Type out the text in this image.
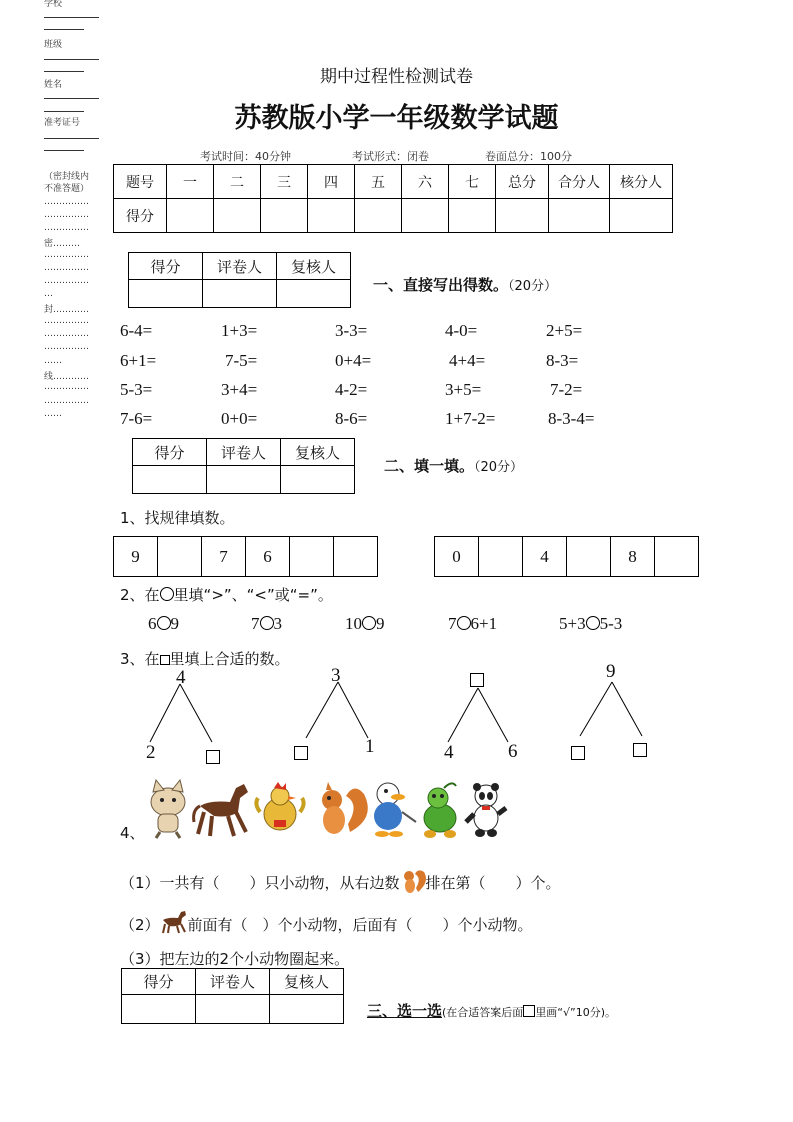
学校
班级
姓名
准考证号
（密封线内
不准答题）
……………
……………
……………
密………
……………
……………
……………
…
封…………
……………
……………
……………
……
线…………
……………
……………
……
期中过程性检测试卷
苏教版小学一年级数学试题
考试时间：40分钟	考试形式：闭卷	卷面总分：100分
题号	一	二	三	四	五	六	七	总分	合分人	核分人
得分										
得分	评卷人	复核人

一、直接写出得数。（20分）
6-4=	1+3=	3-3=	4-0=	2+5=
6+1=	7-5=	0+4=	4+4=	8-3=
5-3=	3+4=	4-2=	3+5=	7-2=
7-6=	0+0=	8-6=	1+7-2=	8-3-4=
得分	评卷人	复核人

二、填一填。（20分）
1、找规律填数。
9		7	6			0		4		8	
2、在 里填“>”、“<”或“=”。
6 9	7 3	10 9	7 6+1	5+3 5-3
3、在 里填上合适的数。
4
2
3
1	4	6
9
4、
（1）一共有（　　）只小动物，从右边数 排在第（　　）个。
（2） 前面有（　）个小动物，后面有（　　）个小动物。
（3）把左边的2个小动物圈起来。
得分	评卷人	复核人

三、选一选(在合适答案后面 里画“√”10分)。
